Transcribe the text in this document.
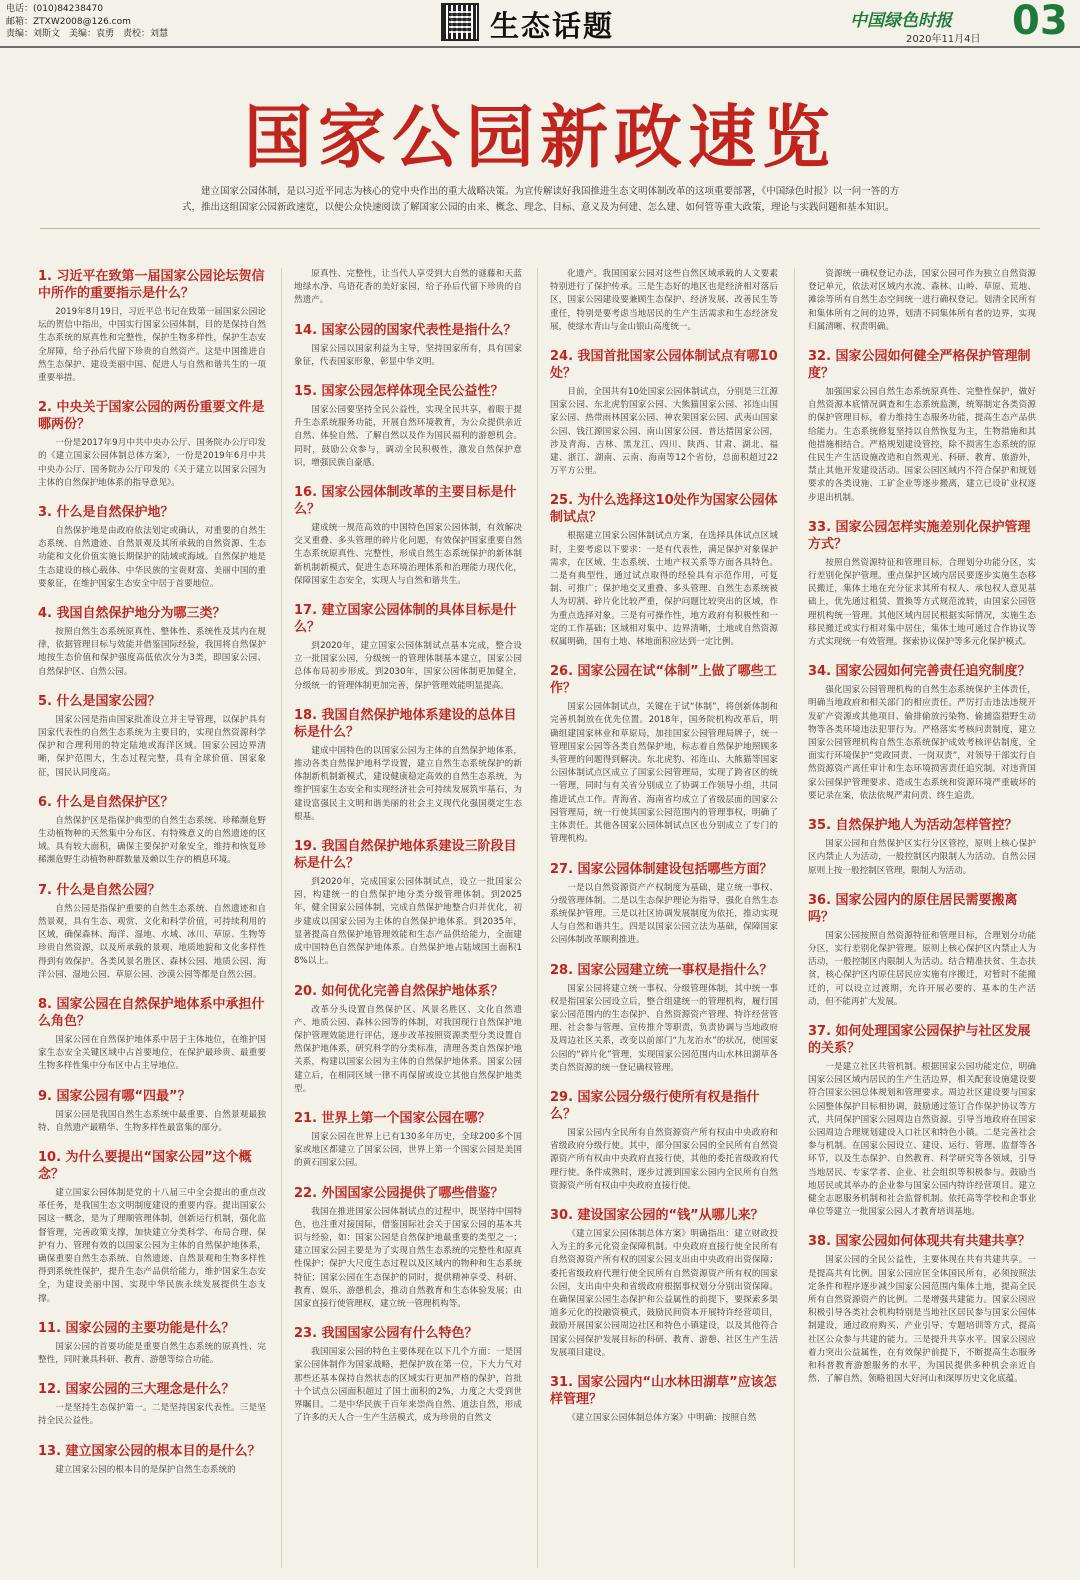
电话：(010)84238470
邮箱：ZTXW2008@126.com
责编：刘斯文　美编：袁勇　责校：刘慧	生态话题	中国绿色时报
2020年11月4日 03
国家公园新政速览
建立国家公园体制，是以习近平同志为核心的党中央作出的重大战略决策。为宣传解读好我国推进生态文明体制改革的这项重要部署，《中国绿色时报》以一问一答的方式，推出这组国家公园新政速览，以便公众快速阅读了解国家公园的由来、概念、理念、目标、意义及为何建、怎么建、如何管等重大政策，理论与实践问题和基本知识。
1. 习近平在致第一届国家公园论坛贺信中所作的重要指示是什么？
2019年8月19日，习近平总书记在致第一届国家公园论坛的贺信中指出，中国实行国家公园体制，目的是保持自然生态系统的原真性和完整性，保护生物多样性，保护生态安全屏障，给子孙后代留下珍贵的自然资产。这是中国推进自然生态保护、建设美丽中国、促进人与自然和谐共生的一项重要举措。
2. 中央关于国家公园的两份重要文件是哪两份？
一份是2017年9月中共中央办公厅、国务院办公厅印发的《建立国家公园体制总体方案》，一份是2019年6月中共中央办公厅、国务院办公厅印发的《关于建立以国家公园为主体的自然保护地体系的指导意见》。
3. 什么是自然保护地？
自然保护地是由政府依法划定或确认，对重要的自然生态系统、自然遗迹、自然景观及其所承载的自然资源、生态功能和文化价值实施长期保护的陆域或海域。自然保护地是生态建设的核心载体、中华民族的宝贵财富、美丽中国的重要象征，在维护国家生态安全中居于首要地位。
4. 我国自然保护地分为哪三类？
按照自然生态系统原真性、整体性、系统性及其内在规律，依据管理目标与效能并借鉴国际经验，我国将自然保护地按生态价值和保护强度高低依次分为3类，即国家公园、自然保护区、自然公园。
5. 什么是国家公园？
国家公园是指由国家批准设立并主导管理，以保护具有国家代表性的自然生态系统为主要目的，实现自然资源科学保护和合理利用的特定陆地或海洋区域。国家公园边界清晰，保护范围大，生态过程完整，具有全球价值、国家象征，国民认同度高。
6. 什么是自然保护区？
自然保护区是指保护典型的自然生态系统、珍稀濒危野生动植物种的天然集中分布区、有特殊意义的自然遗迹的区域。具有较大面积，确保主要保护对象安全，维持和恢复珍稀濒危野生动植物种群数量及赖以生存的栖息环境。
7. 什么是自然公园？
自然公园是指保护重要的自然生态系统、自然遗迹和自然景观，具有生态、观赏、文化和科学价值，可持续利用的区域，确保森林、海洋、湿地、水域、冰川、草原、生物等珍贵自然资源，以及所承载的景观、地质地貌和文化多样性得到有效保护。各类风景名胜区、森林公园、地质公园、海洋公园、湿地公园、草原公园、沙漠公园等都是自然公园。
8. 国家公园在自然保护地体系中承担什么角色？
国家公园在自然保护地体系中居于主体地位，在维护国家生态安全关键区域中占首要地位，在保护最珍贵、最重要生物多样性集中分布区中占主导地位。
9. 国家公园有哪“四最”？
国家公园是我国自然生态系统中最重要、自然景观最独特、自然遗产最精华、生物多样性最富集的部分。
10. 为什么要提出“国家公园”这个概念？
建立国家公园体制是党的十八届三中全会提出的重点改革任务，是我国生态文明制度建设的重要内容。提出国家公园这一概念，是为了理顺管理体制，创新运行机制，强化监督管理，完善政策支撑，加快建立分类科学、布局合理、保护有力、管理有效的以国家公园为主体的自然保护地体系，确保重要自然生态系统、自然遗迹、自然景观和生物多样性得到系统性保护，提升生态产品供给能力，维护国家生态安全，为建设美丽中国、实现中华民族永续发展提供生态支撑。
11. 国家公园的主要功能是什么？
国家公园的首要功能是重要自然生态系统的原真性、完整性，同时兼具科研、教育、游憩等综合功能。
12. 国家公园的三大理念是什么？
一是坚持生态保护第一。二是坚持国家代表性。三是坚持全民公益性。
13. 建立国家公园的根本目的是什么？
建立国家公园的根本目的是保护自然生态系统的
原真性、完整性，让当代人享受到大自然的谜藤和天蓝地绿水净、鸟语花香的美好家园，给子孙后代留下珍贵的自然遗产。
14. 国家公园的国家代表性是指什么？
国家公园以国家利益为主导，坚持国家所有，具有国家象征，代表国家形象，彰显中华文明。
15. 国家公园怎样体现全民公益性？
国家公园要坚持全民公益性，实现全民共享，着眼于提升生态系统服务功能，开展自然环境教育，为公众提供亲近自然、体验自然、了解自然以及作为国民福利的游憩机会。同时，鼓励公众参与，调动全民积极性，激发自然保护意识，增强民族自豪感。
16. 国家公园体制改革的主要目标是什么？
建成统一规范高效的中国特色国家公园体制，有效解决交叉重叠、多头管理的碎片化问题，有效保护国家重要自然生态系统原真性、完整性，形成自然生态系统保护的新体制新机制新模式，促进生态环境治理体系和治理能力现代化，保障国家生态安全，实现人与自然和谐共生。
17. 建立国家公园体制的具体目标是什么？
到2020年，建立国家公园体制试点基本完成，整合设立一批国家公园，分级统一的管理体制基本建立，国家公园总体布局初步形成。到2030年，国家公园体制更加健全，分级统一的管理体制更加完善，保护管理效能明显提高。
18. 我国自然保护地体系建设的总体目标是什么？
建成中国特色的以国家公园为主体的自然保护地体系，推动各类自然保护地科学设置，建立自然生态系统保护的新体制新机制新模式，建设健康稳定高效的自然生态系统，为维护国家生态安全和实现经济社会可持续发展筑牢基石，为建设富强民主文明和谐美丽的社会主义现代化强国奠定生态根基。
19. 我国自然保护地体系建设三阶段目标是什么？
到2020年，完成国家公园体制试点，设立一批国家公园，构建统一的自然保护地分类分级管理体制。到2025年，健全国家公园体制，完成自然保护地整合归并优化，初步建成以国家公园为主体的自然保护地体系。到2035年，显著提高自然保护地管理效能和生态产品供给能力，全面建成中国特色自然保护地体系。自然保护地占陆域国土面积18%以上。
20. 如何优化完善自然保护地体系？
改革分头设置自然保护区、风景名胜区、文化自然遗产、地质公园、森林公园等的体制，对我国现行自然保护地保护管理效能进行评估，逐步改革按照资源类型分类设置自然保护地体系，研究科学的分类标准，清理各类自然保护地关系，构建以国家公园为主体的自然保护地体系。国家公园建立后，在相同区域一律不再保留或设立其他自然保护地类型。
21. 世界上第一个国家公园在哪？
国家公园在世界上已有130多年历史，全球200多个国家或地区都建立了国家公园，世界上第一个国家公园是美国的黄石国家公园。
22. 外国国家公园提供了哪些借鉴？
我国在推进国家公园体制试点的过程中，既坚持中国特色，也注重对接国际，借鉴国际社会关于国家公园的基本共识与经验，如：国家公园是自然保护地最重要的类型之一；建立国家公园主要是为了实现自然生态系统的完整性和原真性保护；保护大尺度生态过程以及区域内的物种和生态系统特征；国家公园在生态保护的同时，提供精神享受、科研、教育、娱乐、游憩机会，推动自然教育和生态体验发展；由国家直接行使管理权，建立统一管理机构等。
23. 我国国家公园有什么特色？
我国国家公园的特色主要体现在以下几个方面：一是国家公园体制作为国家战略，把保护放在第一位，下大力气对那些还基本保持自然状态的区域实行更加严格的保护，首批十个试点公园面积超过了国土面积的2%，力度之大受到世界瞩目。二是中华民族千百年来崇尚自然、道法自然，形成了许多的天人合一生产生活模式，成为珍贵的自然文
化遗产。我国国家公园对这些自然区域承载的人文要素特别进行了保护传承。三是生态好的地区也是经济相对落后区，国家公园建设要兼顾生态保护、经济发展、改善民生等重任，特别是要考虑当地居民的生产生活需求和生态经济发展，使绿水青山与金山银山高度统一。
24. 我国首批国家公园体制试点有哪10处？
目前，全国共有10处国家公园体制试点，分别是三江源国家公园、东北虎豹国家公园、大熊猫国家公园、祁连山国家公园、热带雨林国家公园、神农架国家公园、武夷山国家公园、钱江源国家公园、南山国家公园、普达措国家公园，涉及青海、吉林、黑龙江、四川、陕西、甘肃、湖北、福建、浙江、湖南、云南、海南等12个省份，总面积超过22万平方公里。
25. 为什么选择这10处作为国家公园体制试点？
根据建立国家公园体制试点方案，在选择具体试点区域时，主要考虑以下要求：一是有代表性，满足保护对象保护需求，在区域、生态系统、土地产权关系等方面各具特色。二是有典型性，通过试点取得的经验具有示范作用，可复制、可推广；保护地交叉重叠、多头管理、自然生态系统被人为切割、碎片化比较严重，保护问题比较突出的区域，作为重点选择对象。三是有可操作性，地方政府有积极性和一定的工作基础；区域相对集中、边界清晰，土地或自然资源权属明确，国有土地、林地面积应达到一定比例。
26. 国家公园在试“体制”上做了哪些工作？
国家公园体制试点，关键在于试“体制”，将创新体制和完善机制放在优先位置。2018年，国务院机构改革后，明确组建国家林业和草原局，加挂国家公园管理局牌子，统一管理国家公园等各类自然保护地，标志着自然保护地照顾多头管理的问题得到解决。东北虎豹、祁连山、大熊猫等国家公园体制试点区成立了国家公园管理局，实现了跨省区的统一管理，同时与有关省分别成立了协调工作领导小组，共同推进试点工作。青海省、海南省均成立了省级层面的国家公园管理局，统一行使其国家公园范围内的管理事权，明确了主体责任。其他各国家公园体制试点区也分别成立了专门的管理机构。
27. 国家公园体制建设包括哪些方面？
一是以自然资源资产产权制度为基础，建立统一事权、分级管理体制。二是以生态保护理论为指导，强化自然生态系统保护管理。三是以社区协调发展制度为依托，推动实现人与自然和谐共生。四是以国家公园立法为基础，保障国家公园体制改革顺利推进。
28. 国家公园建立统一事权是指什么？
国家公园将建立统一事权、分级管理体制，其中统一事权是指国家公园设立后，整合组建统一的管理机构，履行国家公园范围内的生态保护、自然资源资产管理、特许经营管理、社会参与管理、宣传推介等职责，负责协调与当地政府及周边社区关系，改变以前部门“九龙治水”的状况，使国家公园的“碎片化”管理，实现国家公园范围内山水林田湖草各类自然资源的统一登记确权管理。
29. 国家公园分级行使所有权是指什么？
国家公园内全民所有自然资源资产所有权由中央政府和省级政府分级行使。其中，部分国家公园的全民所有自然资源资产所有权由中央政府直接行使，其他的委托省级政府代理行使。条件成熟时，逐步过渡到国家公园内全民所有自然资源资产所有权由中央政府直接行使。
30. 建设国家公园的“钱”从哪儿来？
《建立国家公园体制总体方案》明确指出：建立财政投入为主的多元化资金保障机制。中央政府直接行使全民所有自然资源资产所有权的国家公园支出由中央政府出资保障；委托省级政府代理行使全民所有自然资源资产所有权的国家公园，支出由中央和省级政府根据事权划分分别出资保障。在确保国家公园生态保护和公益属性的前提下，要探索多渠道多元化的投融资模式，鼓励民间资本开展特许经营项目，鼓励开展国家公园周边社区和特色小镇建设，以及其他符合国家公园保护发展目标的科研、教育、游憩、社区生产生活发展项目建设。
31. 国家公园内“山水林田湖草”应该怎样管理？
《建立国家公园体制总体方案》中明确：按照自然
资源统一确权登记办法，国家公园可作为独立自然资源登记单元，依法对区域内水流、森林、山岭、草原、荒地、滩涂等所有自然生态空间统一进行确权登记。划清全民所有和集体所有之间的边界，划清不同集体所有者的边界，实现归属清晰、权责明确。
32. 国家公园如何健全严格保护管理制度？
加强国家公园自然生态系统原真性、完整性保护，做好自然资源本底情况调查和生态系统监测，统筹制定各类资源的保护管理目标，着力维持生态服务功能，提高生态产品供给能力。生态系统修复坚持以自然恢复为主，生物措施和其他措施相结合。严格规划建设管控，除不损害生态系统的原住民生产生活设施改造和自然观光、科研、教育、旅游外，禁止其他开发建设活动。国家公园区域内不符合保护和规划要求的各类设施、工矿企业等逐步搬离，建立已设矿业权逐步退出机制。
33. 国家公园怎样实施差别化保护管理方式？
按照自然资源特征和管理目标，合理划分功能分区，实行差别化保护管理。重点保护区域内居民要逐步实施生态移民搬迁，集体土地在充分征求其所有权人、承包权人意见基础上，优先通过租赁、置换等方式规范流转，由国家公园管理机构统一管理。其他区域内居民根据实际情况，实施生态移民搬迁或实行相对集中居住，集体土地可通过合作协议等方式实现统一有效管理。探索协议保护等多元化保护模式。
34. 国家公园如何完善责任追究制度？
强化国家公园管理机构的自然生态系统保护主体责任，明确当地政府和相关部门的相应责任。严厉打击违法违规开发矿产资源或其他项目、偷排偷放污染物、偷捕盗猎野生动物等各类环境违法犯罪行为。严格落实考核问责制度，建立国家公园管理机构自然生态系统保护成效考核评估制度，全面实行环境保护“党政同责、一岗双责”，对领导干部实行自然资源资产离任审计和生态环境损害责任追究制。对违背国家公园保护管理要求、造成生态系统和资源环境严重破坏的要记录在案，依法依规严肃问责、终生追责。
35. 自然保护地人为活动怎样管控？
国家公园和自然保护区实行分区管控，原则上核心保护区内禁止人为活动，一般控制区内限制人为活动。自然公园原则上按一般控制区管理，限制人为活动。
36. 国家公园内的原住居民需要搬离吗？
国家公园按照自然资源特征和管理目标，合理划分功能分区，实行差别化保护管理。原则上核心保护区内禁止人为活动，一般控制区内限制人为活动。结合精准扶贫、生态扶贫，核心保护区内原住居民应实施有序搬迁，对暂时不能搬迁的，可以设立过渡期，允许开展必要的、基本的生产活动，但不能再扩大发展。
37. 如何处理国家公园保护与社区发展的关系？
一是建立社区共管机制。根据国家公园功能定位，明确国家公园区域内居民的生产生活边界，相关配套设施建设要符合国家公园总体规划和管理要求。周边社区建设要与国家公园整体保护目标相协调，鼓励通过签订合作保护协议等方式，共同保护国家公园周边自然资源。引导当地政府在国家公园周边合理规划建设入口社区和特色小镇。二是完善社会参与机制。在国家公园设立、建设、运行、管理、监督等各环节，以及生态保护、自然教育、科学研究等各领域，引导当地居民、专家学者、企业、社会组织等积极参与。鼓励当地居民或其举办的企业参与国家公园内特许经营项目。建立健全志愿服务机制和社会监督机制。依托高等学校和企事业单位等建立一批国家公园人才教育培训基地。
38. 国家公园如何体现共有共建共享？
国家公园的全民公益性，主要体现在共有共建共享。一是提高共有比例。国家公园应匡全体国民所有，必须按照法定条件和程序逐步减少国家公园范围内集体土地，提高全民所有自然资源资产的比例。二是增强共建能力。国家公园应积极引导各类社会机构特别是当地社区居民参与国家公园体制建设，通过政府购买、产业引导、专题培训等方式，提高社区公众参与共建的能力。三是提升共享水平。国家公园应着力突出公益属性，在有效保护前提下，不断提高生态服务和科普教育游憩服务的水平，为国民提供多种机会亲近自然、了解自然，领略祖国大好河山和深厚历史文化底蕴。
